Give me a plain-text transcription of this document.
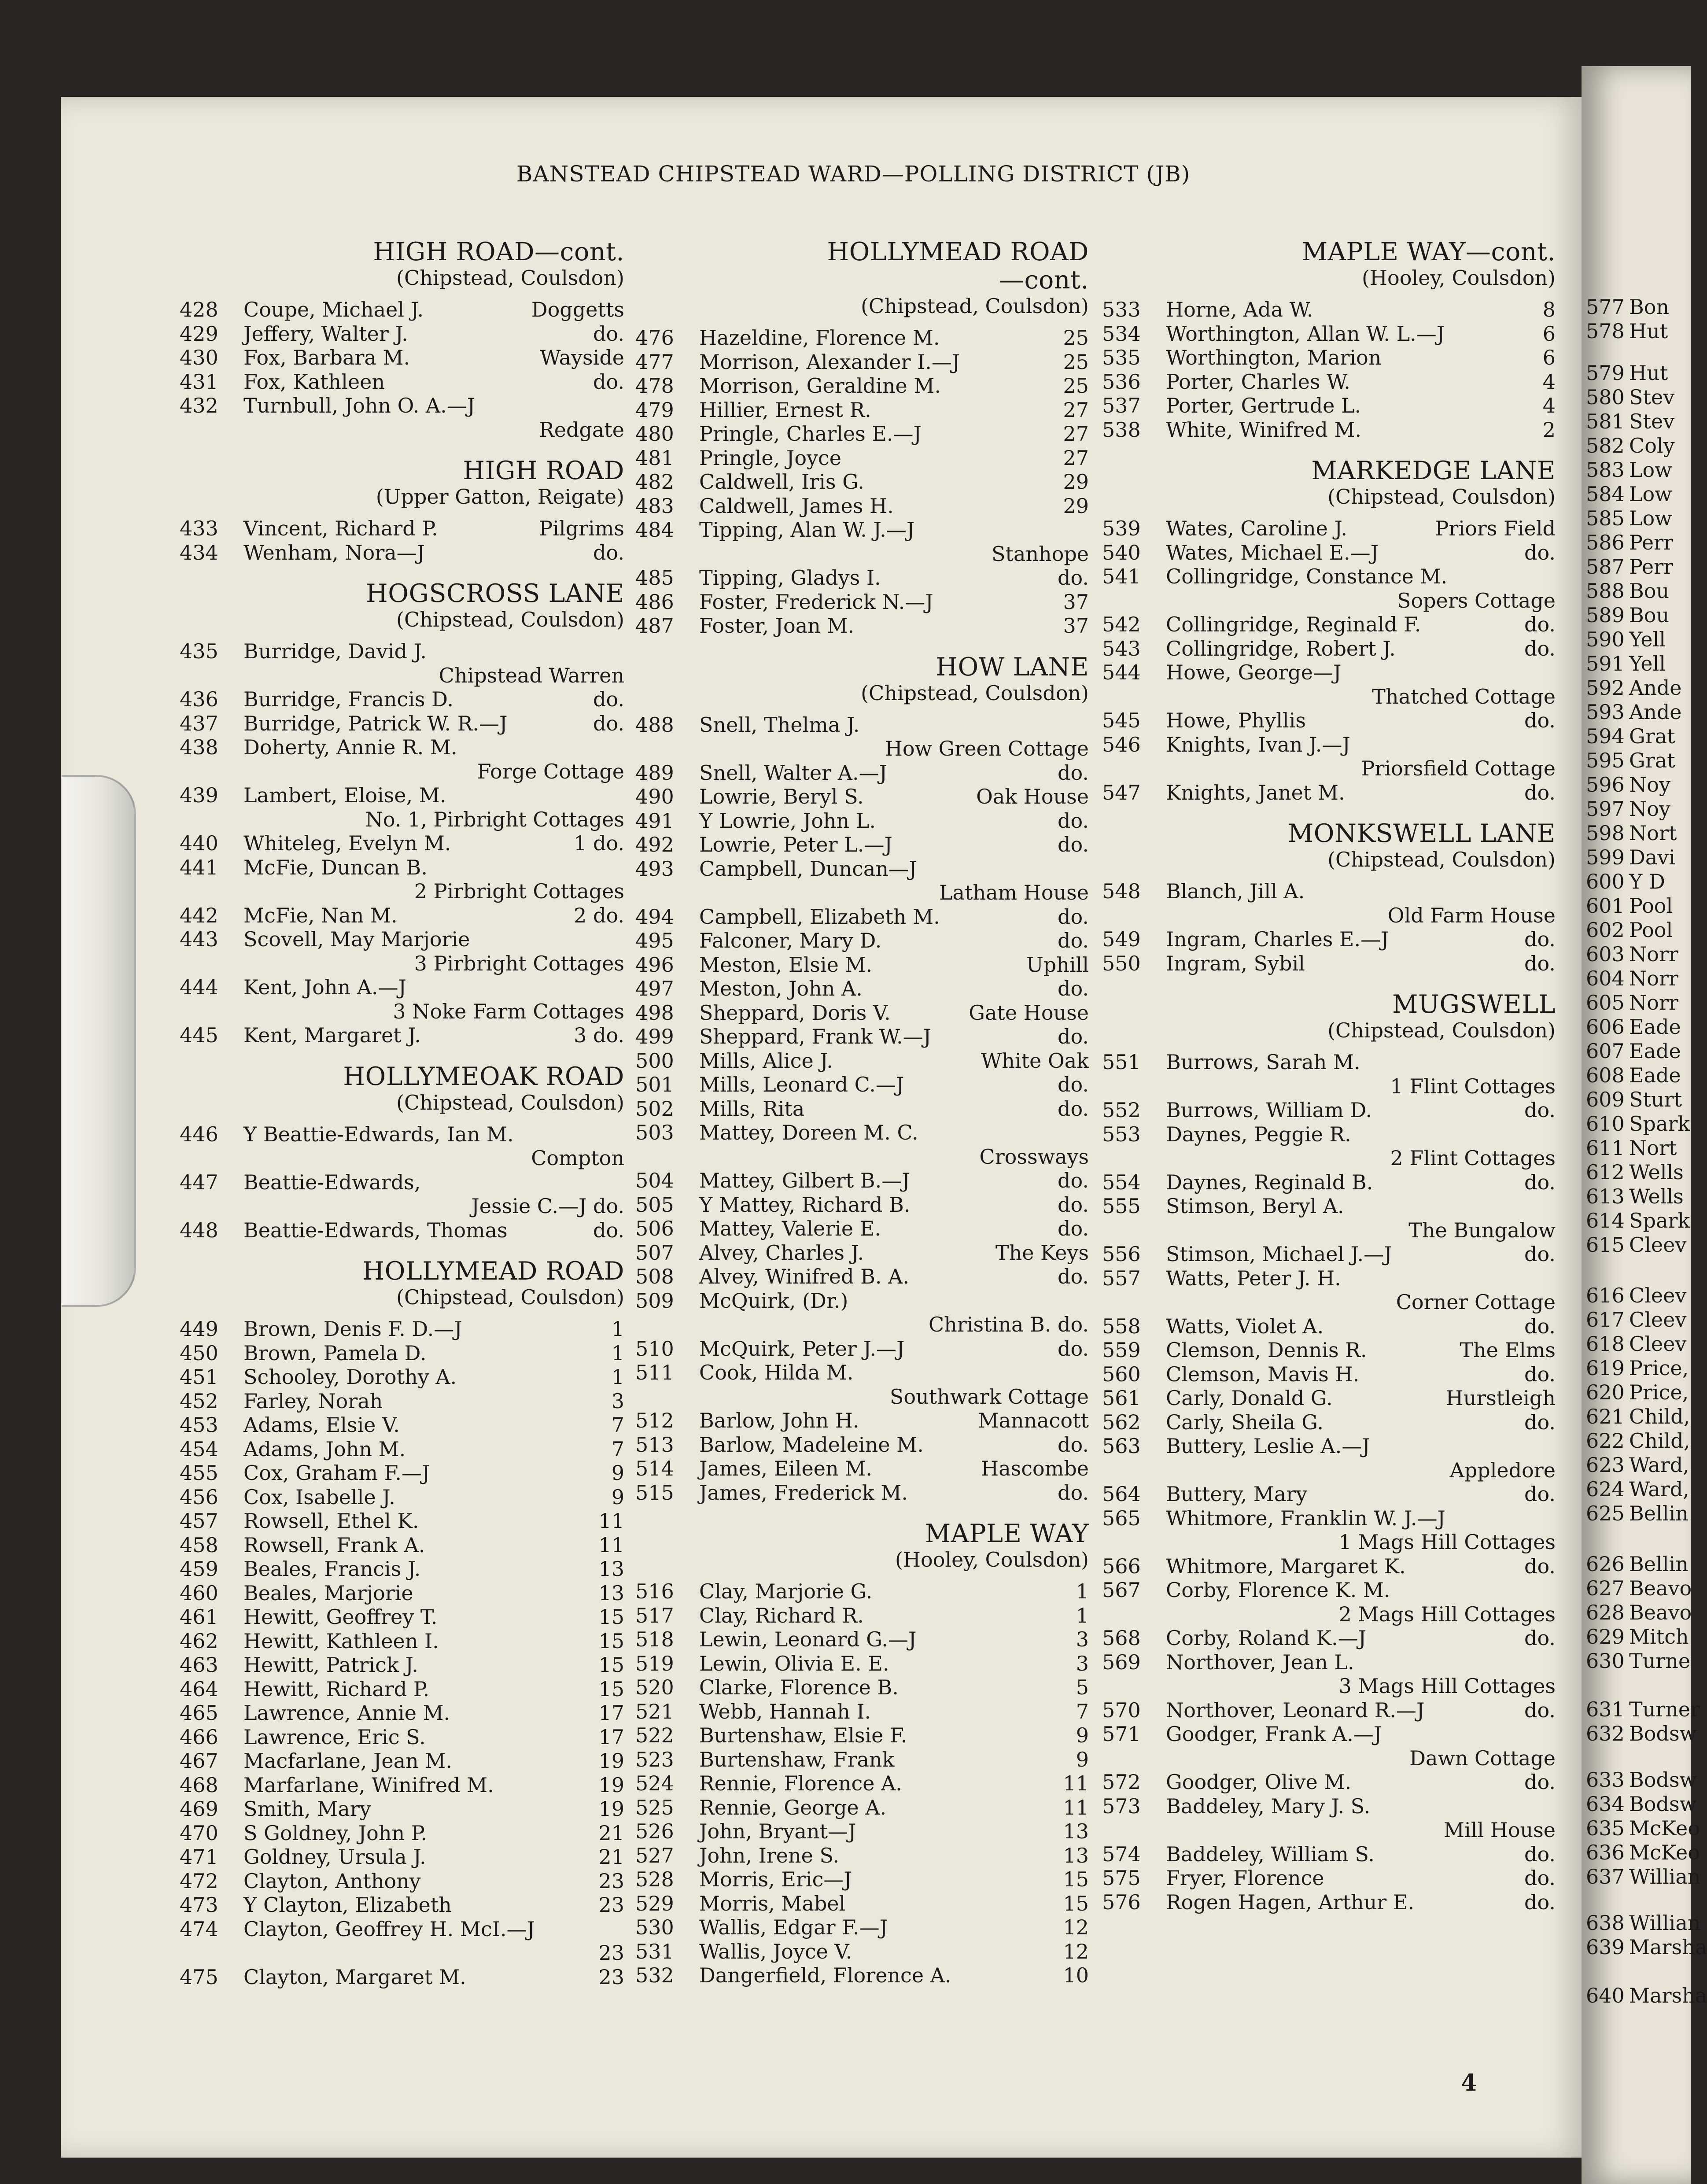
BANSTEAD CHIPSTEAD WARD—POLLING DISTRICT (JB)
HIGH ROAD—cont.
(Chipstead, Coulsdon)
428	Coupe, Michael J.	Doggetts
429	Jeffery, Walter J.	do.
430	Fox, Barbara M.	Wayside
431	Fox, Kathleen	do.
432	Turnbull, John O. A.—J
Redgate
HIGH ROAD
(Upper Gatton, Reigate)
433	Vincent, Richard P.	Pilgrims
434	Wenham, Nora—J	do.
HOGSCROSS LANE
(Chipstead, Coulsdon)
435	Burridge, David J.
Chipstead Warren
436	Burridge, Francis D.	do.
437	Burridge, Patrick W. R.—J	do.
438	Doherty, Annie R. M.
Forge Cottage
439	Lambert, Eloise, M.
No. 1, Pirbright Cottages
440	Whiteleg, Evelyn M.	1 do.
441	McFie, Duncan B.
2 Pirbright Cottages
442	McFie, Nan M.	2 do.
443	Scovell, May Marjorie
3 Pirbright Cottages
444	Kent, John A.—J
3 Noke Farm Cottages
445	Kent, Margaret J.	3 do.
HOLLYMEOAK ROAD
(Chipstead, Coulsdon)
446	Y Beattie-Edwards, Ian M.
Compton
447	Beattie-Edwards,
Jessie C.—J do.
448	Beattie-Edwards, Thomas	do.
HOLLYMEAD ROAD
(Chipstead, Coulsdon)
449	Brown, Denis F. D.—J	1
450	Brown, Pamela D.	1
451	Schooley, Dorothy A.	1
452	Farley, Norah	3
453	Adams, Elsie V.	7
454	Adams, John M.	7
455	Cox, Graham F.—J	9
456	Cox, Isabelle J.	9
457	Rowsell, Ethel K.	11
458	Rowsell, Frank A.	11
459	Beales, Francis J.	13
460	Beales, Marjorie	13
461	Hewitt, Geoffrey T.	15
462	Hewitt, Kathleen I.	15
463	Hewitt, Patrick J.	15
464	Hewitt, Richard P.	15
465	Lawrence, Annie M.	17
466	Lawrence, Eric S.	17
467	Macfarlane, Jean M.	19
468	Marfarlane, Winifred M.	19
469	Smith, Mary	19
470	S Goldney, John P.	21
471	Goldney, Ursula J.	21
472	Clayton, Anthony	23
473	Y Clayton, Elizabeth	23
474	Clayton, Geoffrey H. McI.—J
23
475	Clayton, Margaret M.	23
HOLLYMEAD ROAD
—cont.
(Chipstead, Coulsdon)
476	Hazeldine, Florence M.	25
477	Morrison, Alexander I.—J	25
478	Morrison, Geraldine M.	25
479	Hillier, Ernest R.	27
480	Pringle, Charles E.—J	27
481	Pringle, Joyce	27
482	Caldwell, Iris G.	29
483	Caldwell, James H.	29
484	Tipping, Alan W. J.—J
Stanhope
485	Tipping, Gladys I.	do.
486	Foster, Frederick N.—J	37
487	Foster, Joan M.	37
HOW LANE
(Chipstead, Coulsdon)
488	Snell, Thelma J.
How Green Cottage
489	Snell, Walter A.—J	do.
490	Lowrie, Beryl S.	Oak House
491	Y Lowrie, John L.	do.
492	Lowrie, Peter L.—J	do.
493	Campbell, Duncan—J
Latham House
494	Campbell, Elizabeth M.	do.
495	Falconer, Mary D.	do.
496	Meston, Elsie M.	Uphill
497	Meston, John A.	do.
498	Sheppard, Doris V.	Gate House
499	Sheppard, Frank W.—J	do.
500	Mills, Alice J.	White Oak
501	Mills, Leonard C.—J	do.
502	Mills, Rita	do.
503	Mattey, Doreen M. C.
Crossways
504	Mattey, Gilbert B.—J	do.
505	Y Mattey, Richard B.	do.
506	Mattey, Valerie E.	do.
507	Alvey, Charles J.	The Keys
508	Alvey, Winifred B. A.	do.
509	McQuirk, (Dr.)
Christina B. do.
510	McQuirk, Peter J.—J	do.
511	Cook, Hilda M.
Southwark Cottage
512	Barlow, John H.	Mannacott
513	Barlow, Madeleine M.	do.
514	James, Eileen M.	Hascombe
515	James, Frederick M.	do.
MAPLE WAY
(Hooley, Coulsdon)
516	Clay, Marjorie G.	1
517	Clay, Richard R.	1
518	Lewin, Leonard G.—J	3
519	Lewin, Olivia E. E.	3
520	Clarke, Florence B.	5
521	Webb, Hannah I.	7
522	Burtenshaw, Elsie F.	9
523	Burtenshaw, Frank	9
524	Rennie, Florence A.	11
525	Rennie, George A.	11
526	John, Bryant—J	13
527	John, Irene S.	13
528	Morris, Eric—J	15
529	Morris, Mabel	15
530	Wallis, Edgar F.—J	12
531	Wallis, Joyce V.	12
532	Dangerfield, Florence A.	10
MAPLE WAY—cont.
(Hooley, Coulsdon)
533	Horne, Ada W.	8
534	Worthington, Allan W. L.—J	6
535	Worthington, Marion	6
536	Porter, Charles W.	4
537	Porter, Gertrude L.	4
538	White, Winifred M.	2
MARKEDGE LANE
(Chipstead, Coulsdon)
539	Wates, Caroline J.	Priors Field
540	Wates, Michael E.—J	do.
541	Collingridge, Constance M.
Sopers Cottage
542	Collingridge, Reginald F.	do.
543	Collingridge, Robert J.	do.
544	Howe, George—J
Thatched Cottage
545	Howe, Phyllis	do.
546	Knights, Ivan J.—J
Priorsfield Cottage
547	Knights, Janet M.	do.
MONKSWELL LANE
(Chipstead, Coulsdon)
548	Blanch, Jill A.
Old Farm House
549	Ingram, Charles E.—J	do.
550	Ingram, Sybil	do.
MUGSWELL
(Chipstead, Coulsdon)
551	Burrows, Sarah M.
1 Flint Cottages
552	Burrows, William D.	do.
553	Daynes, Peggie R.
2 Flint Cottages
554	Daynes, Reginald B.	do.
555	Stimson, Beryl A.
The Bungalow
556	Stimson, Michael J.—J	do.
557	Watts, Peter J. H.
Corner Cottage
558	Watts, Violet A.	do.
559	Clemson, Dennis R.	The Elms
560	Clemson, Mavis H.	do.
561	Carly, Donald G.	Hurstleigh
562	Carly, Sheila G.	do.
563	Buttery, Leslie A.—J
Appledore
564	Buttery, Mary	do.
565	Whitmore, Franklin W. J.—J
1 Mags Hill Cottages
566	Whitmore, Margaret K.	do.
567	Corby, Florence K. M.
2 Mags Hill Cottages
568	Corby, Roland K.—J	do.
569	Northover, Jean L.
3 Mags Hill Cottages
570	Northover, Leonard R.—J	do.
571	Goodger, Frank A.—J
Dawn Cottage
572	Goodger, Olive M.	do.
573	Baddeley, Mary J. S.
Mill House
574	Baddeley, William S.	do.
575	Fryer, Florence	do.
576	Rogen Hagen, Arthur E.	do.
4
577 Bon
578 Hut
579 Hut
580 Stev
581 Stev
582 Coly
583 Low
584 Low
585 Low
586 Perr
587 Perr
588 Bou
589 Bou
590 Yell
591 Yell
592 Ande
593 Ande
594 Grat
595 Grat
596 Noy
597 Noy
598 Nort
599 Davi
600 Y D
601 Pool
602 Pool
603 Norr
604 Norr
605 Norr
606 Eade
607 Eade
608 Eade
609 Sturt
610 Spark
611 Nort
612 Wells
613 Wells
614 Spark
615 Cleev
616 Cleev
617 Cleev
618 Cleev
619 Price,
620 Price,
621 Child,
622 Child,
623 Ward,
624 Ward,
625 Bellin
626 Bellin
627 Beavo
628 Beavo
629 Mitch
630 Turne
631 Turner
632 Bodsw
633 Bodsw
634 Bodsw
635 McKeo
636 McKeo
637 Willian
638 Willian
639 Marsha
640 Marsha
